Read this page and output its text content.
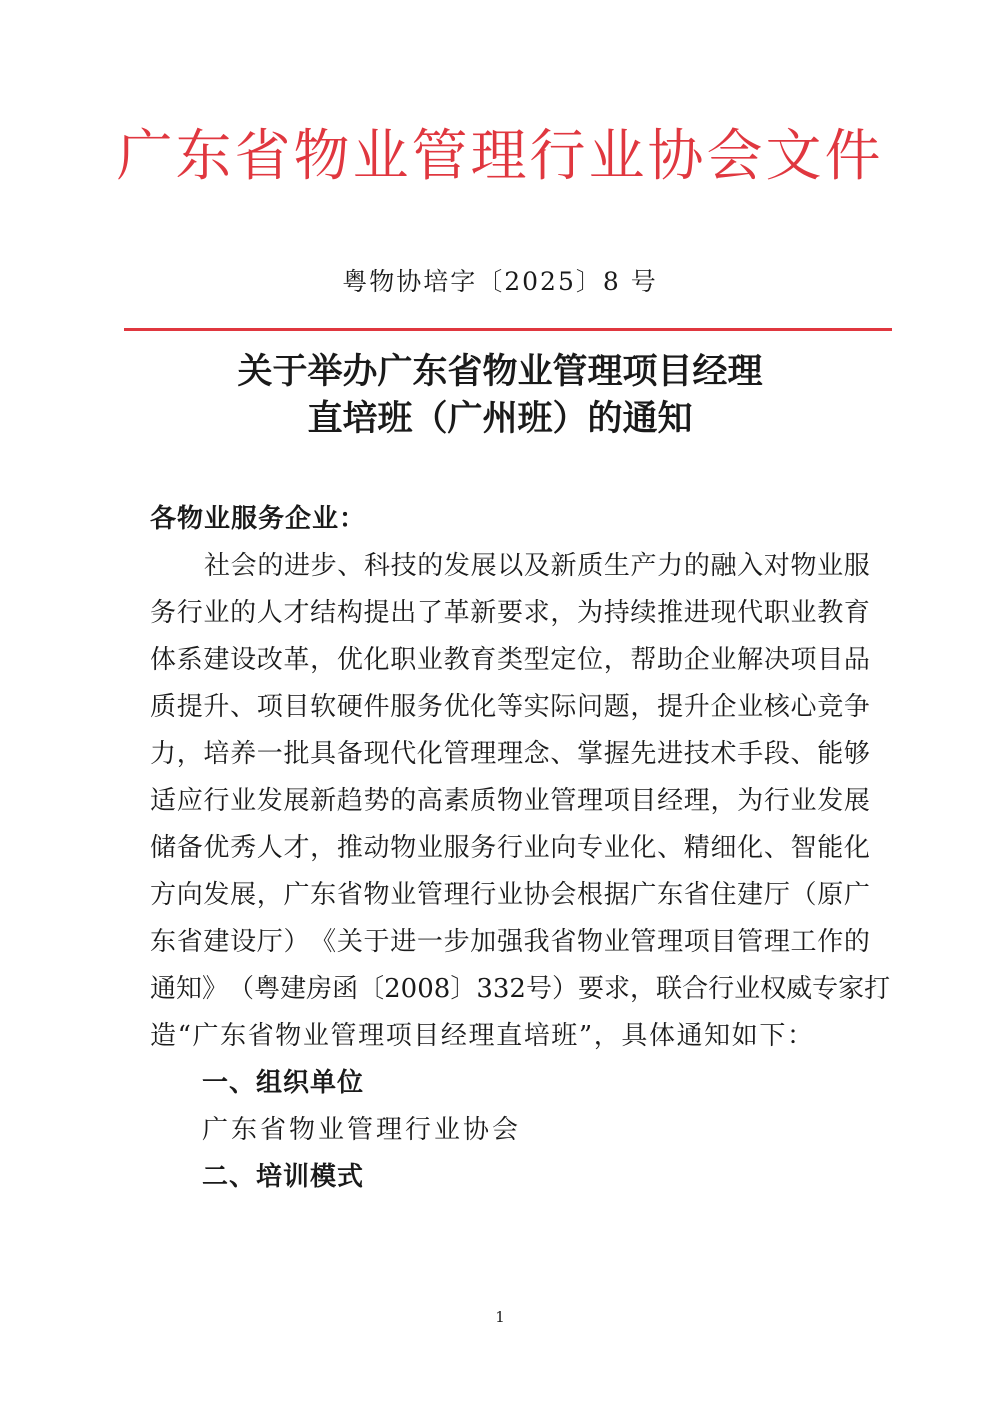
广东省物业管理行业协会文件
粤物协培字〔2025〕8 号
关于举办广东省物业管理项目经理
直培班（广州班）的通知
各物业服务企业：
社 会 的 进 步 、 科 技 的 发 展 以 及 新 质 生 产 力 的 融 入 对 物 业 服
务 行 业 的 人 才 结 构 提 出 了 革 新 要 求 ， 为 持 续 推 进 现 代 职 业 教 育
体 系 建 设 改 革 ， 优 化 职 业 教 育 类 型 定 位 ， 帮 助 企 业 解 决 项 目 品
质 提 升 、 项 目 软 硬 件 服 务 优 化 等 实 际 问 题 ， 提 升 企 业 核 心 竞 争
力 ， 培 养 一 批 具 备 现 代 化 管 理 理 念 、 掌 握 先 进 技 术 手 段 、 能 够
适 应 行 业 发 展 新 趋 势 的 高 素 质 物 业 管 理 项 目 经 理 ， 为 行 业 发 展
储 备 优 秀 人 才 ， 推 动 物 业 服 务 行 业 向 专 业 化 、 精 细 化 、 智 能 化
方 向 发 展 ， 广 东 省 物 业 管 理 行 业 协 会 根 据 广 东 省 住 建 厅 （ 原 广
东 省 建 设 厅 ） 《 关 于 进 一 步 加 强 我 省 物 业 管 理 项 目 管 理 工 作 的
通 知 》 （ 粤 建 房 函 〔 2008 〕 332 号 ） 要 求 ， 联 合 行 业 权 威 专 家 打
造“广东省物业管理项目经理直培班”，具体通知如下：
一、组织单位
广东省物业管理行业协会
二、培训模式
1
